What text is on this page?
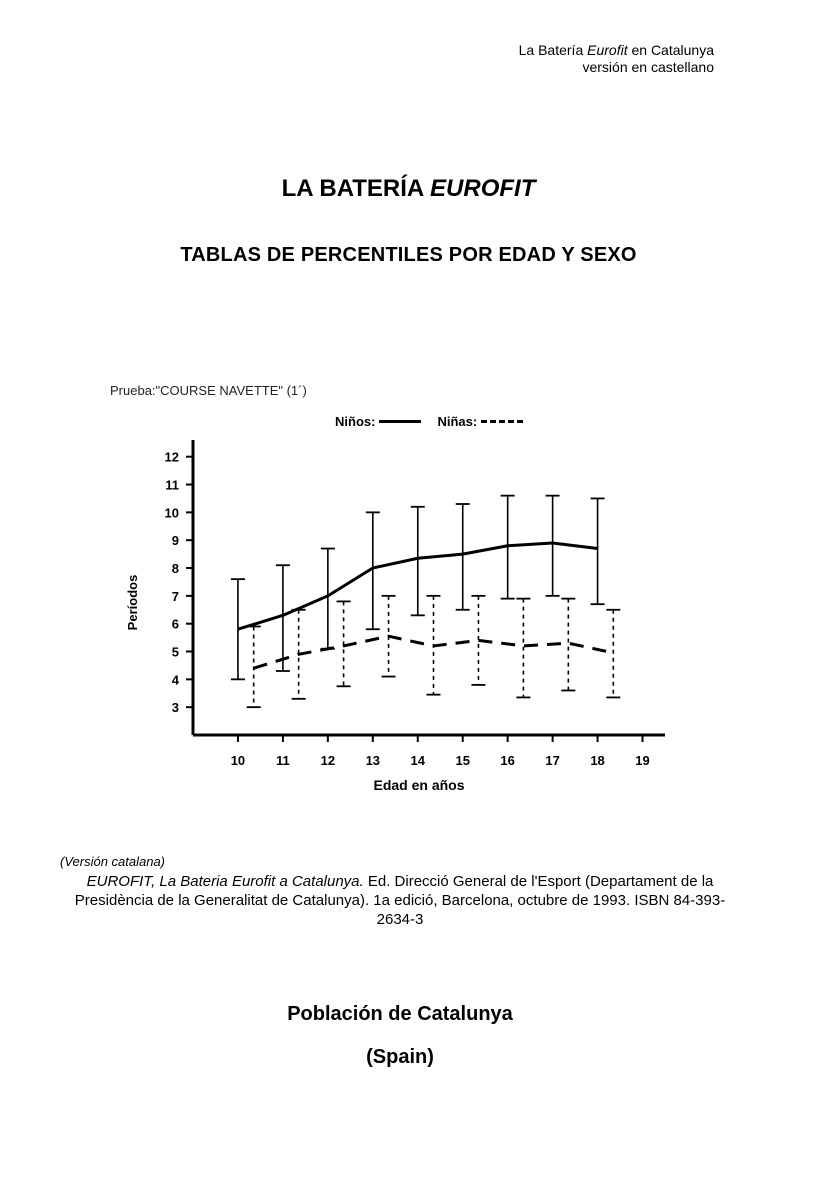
La Batería Eurofit en Catalunya
versión en castellano
LA BATERÍA EUROFIT
TABLAS DE PERCENTILES POR EDAD Y SEXO
Prueba:"COURSE NAVETTE" (1´)
Niños:	Niñas:
3
4
5
6
7
8
9
10
11
12
10 11 12 13 14 15 16 17 18 19
Edad en años
Períodos
(Versión catalana)
EUROFIT, La Bateria Eurofit a Catalunya. Ed. Direcció General de l'Esport (Departament de la Presidència de la Generalitat de Catalunya). 1a edició, Barcelona, octubre de 1993. ISBN 84-393-2634-3
Población de Catalunya
(Spain)
